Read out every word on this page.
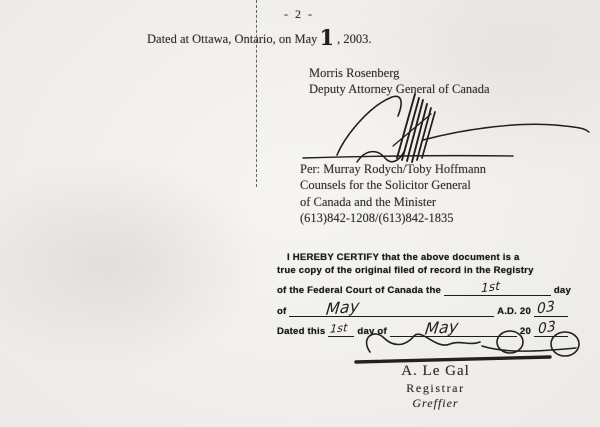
- 2 -
Dated at Ottawa, Ontario, on May1 , 2003.
Morris Rosenberg
Deputy Attorney General of Canada
Per: Murray Rodych/Toby Hoffmann
Counsels for the Solicitor General
of Canada and the Minister
(613)842-1208/(613)842-1835
I HEREBY CERTIFY that the above document is a
true copy of the original filed of record in the Registry
of the Federal Court of Canada the	1st	day
of May	A.D. 20 03
Dated this 1st day of May	20 03
A. Le Gal
Registrar
Greffier
